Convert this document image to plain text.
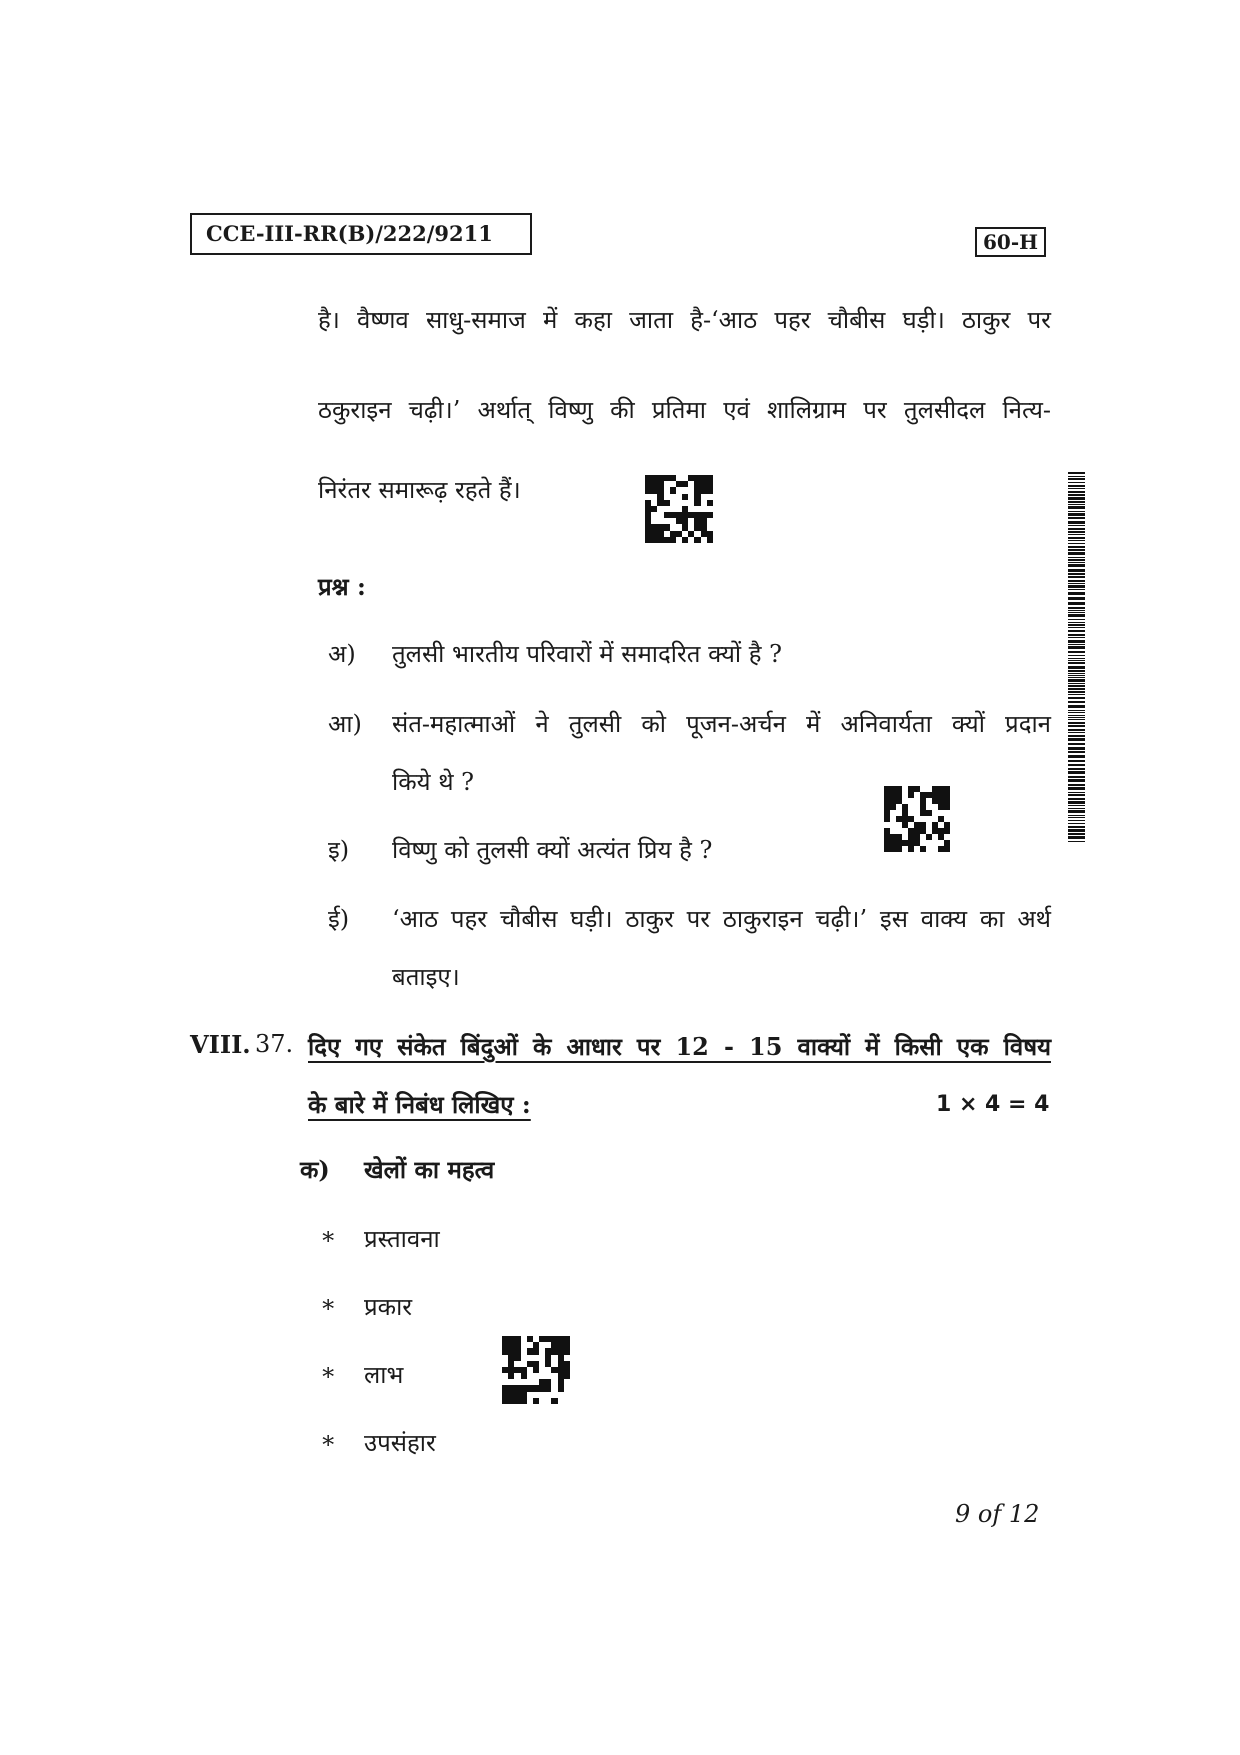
CCE-III-RR(B)/222/9211	60-H
है। वैष्णव साधु-समाज में कहा जाता है-‘आठ पहर चौबीस घड़ी। ठाकुर पर
ठकुराइन चढ़ी।’ अर्थात् विष्णु की प्रतिमा एवं शालिग्राम पर तुलसीदल नित्य-
निरंतर समारूढ़ रहते हैं।
प्रश्न :
अ) तुलसी भारतीय परिवारों में समादरित क्यों है ?
आ) संत-महात्माओं ने तुलसी को पूजन-अर्चन में अनिवार्यता क्यों प्रदान
किये थे ?
इ) विष्णु को तुलसी क्यों अत्यंत प्रिय है ?
ई) ‘आठ पहर चौबीस घड़ी। ठाकुर पर ठाकुराइन चढ़ी।’ इस वाक्य का अर्थ
बताइए।
VIII. 37. दिए गए संकेत बिंदुओं के आधार पर 12 - 15 वाक्यों में किसी एक विषय
के बारे में निबंध लिखिए :	1 × 4 = 4
क) खेलों का महत्व
∗ प्रस्तावना
∗ प्रकार
∗ लाभ
∗ उपसंहार
9 of 12
